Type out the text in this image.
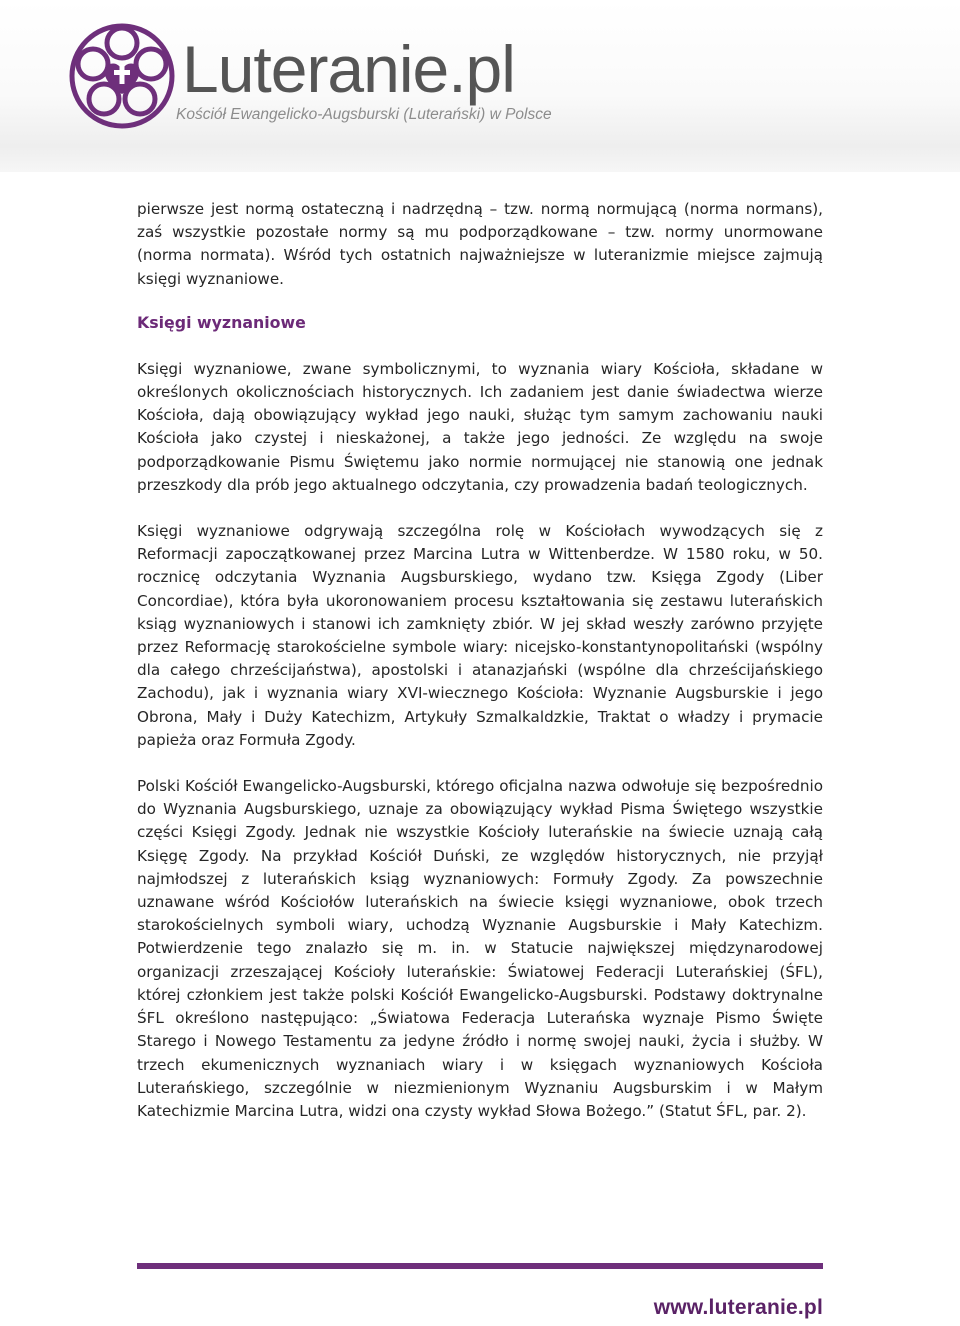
Luteranie.pl
Kościół Ewangelicko-Augsburski (Luterański) w Polsce

pierwsze jest normą ostateczną i nadrzędną – tzw. normą normującą (norma normans), zaś wszystkie pozostałe normy są mu podporządkowane – tzw. normy unormowane (norma normata). Wśród tych ostatnich najważniejsze w luteranizmie miejsce zajmują księgi wyznaniowe.

Księgi wyznaniowe

Księgi wyznaniowe, zwane symbolicznymi, to wyznania wiary Kościoła, składane w określonych okolicznościach historycznych. Ich zadaniem jest danie świadectwa wierze Kościoła, dają obowiązujący wykład jego nauki, służąc tym samym zachowaniu nauki Kościoła jako czystej i nieskażonej, a także jego jedności. Ze względu na swoje podporządkowanie Pismu Świętemu jako normie normującej nie stanowią one jednak przeszkody dla prób jego aktualnego odczytania, czy prowadzenia badań teologicznych.

Księgi wyznaniowe odgrywają szczególna rolę w Kościołach wywodzących się z Reformacji zapoczątkowanej przez Marcina Lutra w Wittenberdze. W 1580 roku, w 50. rocznicę odczytania Wyznania Augsburskiego, wydano tzw. Księga Zgody (Liber Concordiae), która była ukoronowaniem procesu kształtowania się zestawu luterańskich ksiąg wyznaniowych i stanowi ich zamknięty zbiór. W jej skład weszły zarówno przyjęte przez Reformację starokościelne symbole wiary: nicejsko-konstantynopolitański (wspólny dla całego chrześcijaństwa), apostolski i atanazjański (wspólne dla chrześcijańskiego Zachodu), jak i wyznania wiary XVI-wiecznego Kościoła: Wyznanie Augsburskie i jego Obrona, Mały i Duży Katechizm, Artykuły Szmalkaldzkie, Traktat o władzy i prymacie papieża oraz Formuła Zgody.

Polski Kościół Ewangelicko-Augsburski, którego oficjalna nazwa odwołuje się bezpośrednio do Wyznania Augsburskiego, uznaje za obowiązujący wykład Pisma Świętego wszystkie części Księgi Zgody. Jednak nie wszystkie Kościoły luterańskie na świecie uznają całą Księgę Zgody. Na przykład Kościół Duński, ze względów historycznych, nie przyjął najmłodszej z luterańskich ksiąg wyznaniowych: Formuły Zgody. Za powszechnie uznawane wśród Kościołów luterańskich na świecie księgi wyznaniowe, obok trzech starokościelnych symboli wiary, uchodzą Wyznanie Augsburskie i Mały Katechizm. Potwierdzenie tego znalazło się m. in. w Statucie największej międzynarodowej organizacji zrzeszającej Kościoły luterańskie: Światowej Federacji Luterańskiej (ŚFL), której członkiem jest także polski Kościół Ewangelicko-Augsburski. Podstawy doktrynalne ŚFL określono następująco: „Światowa Federacja Luterańska wyznaje Pismo Święte Starego i Nowego Testamentu za jedyne źródło i normę swojej nauki, życia i służby. W trzech ekumenicznych wyznaniach wiary i w księgach wyznaniowych Kościoła Luterańskiego, szczególnie w niezmienionym Wyznaniu Augsburskim i w Małym Katechizmie Marcina Lutra, widzi ona czysty wykład Słowa Bożego.” (Statut ŚFL, par. 2).

www.luteranie.pl
